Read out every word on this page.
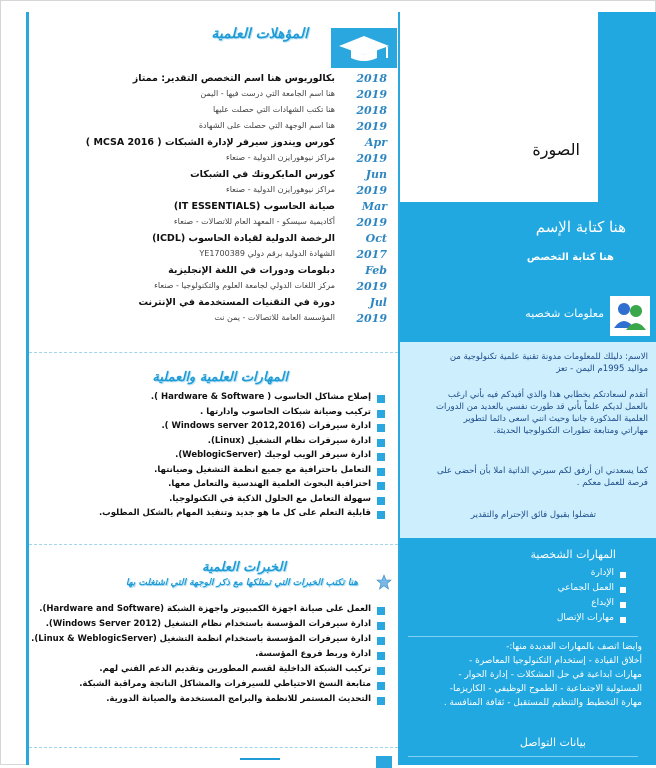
المؤهلات العلمية
2018
بكالوريوس هنا اسم التخصص التقدير: ممتاز
2019
هنا اسم الجامعة التي درست فيها - اليمن
2018
هنا تكتب الشهادات التي حصلت عليها
2019
هنا اسم الوجهة التي حصلت على الشهادة
Apr
كورس ويندوز سيرفر لإدارة الشبكات ( MCSA 2016 )
2019
مراكز نيوهورايزن الدولية - صنعاء
Jun
كورس المايكروتك في الشبكات
2019
مراكز نيوهورايزن الدولية - صنعاء
Mar
صيانة الحاسوب (IT ESSENTIALS)
2019
أكاديمية سيسكو - المعهد العام للاتصالات - صنعاء
Oct
الرخصة الدولية لقيادة الحاسوب (ICDL)
2017
الشهادة الدولية برقم دولي YE1700389
Feb
دبلومات ودورات في اللغة الإنجليزية
2019
مركز اللغات الدولي لجامعة العلوم والتكنولوجيا - صنعاء
Jul
دورة في التقنيات المستخدمة في الإنترنت
2019
المؤسسة العامة للاتصالات - يمن نت
المهارات العلمية والعملية
إصلاح مشاكل الحاسوب ( Hardware & Software ).
تركيب وصيانة شبكات الحاسوب وادارتها .
ادارة سيرفرات (Windows server 2012,2016 ).
ادارة سيرفرات نظام التشغيل (Linux).
ادارة سيرفر الويب لوجيك (WeblogicServer).
التعامل باحترافية مع جميع انظمة التشغيل وصيانتها.
احترافية البحوث العلمية الهندسية والتعامل معها.
سهولة التعامل مع الحلول الذكية في التكنولوجيا.
قابلية التعلم على كل ما هو جديد وتنفيذ المهام بالشكل المطلوب.
الخبرات العلمية
هنا تكتب الخبرات التي تمتلكها مع ذكر الوجهة التي اشتغلت بها
العمل على صيانة اجهزة الكمبيوتر واجهزة الشبكة (Hardware and Software).
ادارة سيرفرات المؤسسة باستخدام نظام التشغيل (Windows Server 2012).
ادارة سيرفرات المؤسسة باستخدام انظمة التشغيل (Linux & WeblogicServer).
ادارة وربط فروع المؤسسة.
تركيب الشبكة الداخلية لقسم المطورين وتقديم الدعم الفني لهم.
متابعة النسخ الاحتياطي للسيرفرات والمشاكل الناتجة ومراقبة الشبكة.
التحديث المستمر للانظمة والبرامج المستخدمة والصيانة الدورية.
الصورة
هنا كتابة الإسم
هنا كتابة التخصص
معلومات شخصيه
الاسم: دليلك للمعلومات مدونة تقنية علمية تكنولوجية من
مواليد 1995م اليمن - تعز
أتقدم لسعادتكم بخطابي هذا والذي أفيدكم فيه بأني ارغب
بالعمل لديكم علماً بأني قد طورت نفسي بالعديد من الدورات
العلمية المذكورة جانبا وحيث انني اسعى دائما لتطوير
مهاراتي ومتابعة تطورات التكنولوجيا الحديثة.
كما يسعدني ان أرفق لكم سيرتي الذاتية املا بأن أحضى على
فرصة للعمل معكم .
تفضلوا بقبول فائق الإحترام والتقدير
المهارات الشخصية
الإدارة
العمل الجماعي
الإبداع
مهارات الإتصال
وايضا اتصف بالمهارات العديدة منها:-
أخلاق القيادة - إستخدام التكنولوجيا المعاصرة -
مهارات ابداعية في حل المشكلات - إدارة الحوار -
المسئولية الاجتماعية - الطموح الوظيفي - الكاريزما-
مهارة التخطيط والتنظيم للمستقبل - ثقافة المنافسة .
بيانات التواصل
